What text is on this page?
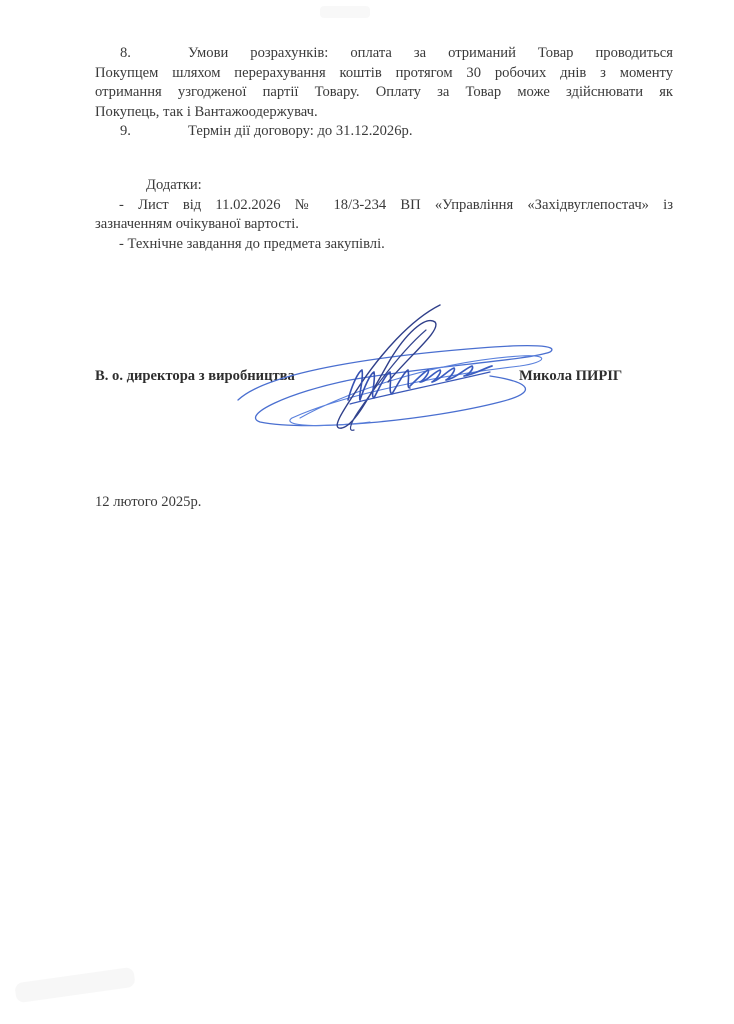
8.	Умови розрахунків: оплата за отриманий Товар проводиться
Покупцем шляхом перерахування коштів протягом 30 робочих днів з моменту
отримання узгодженої партії Товару. Оплату за Товар може здійснювати як
Покупець, так і Вантажоодержувач.
9.	Термін дії договору: до 31.12.2026р.
Додатки:
- Лист від 11.02.2026 № 18/3-234 ВП «Управління «Західвуглепостач» із
зазначенням очікуваної вартості.
- Технічне завдання до предмета закупівлі.
В. о. директора з виробництва	Микола ПИРІГ
12 лютого 2025р.
